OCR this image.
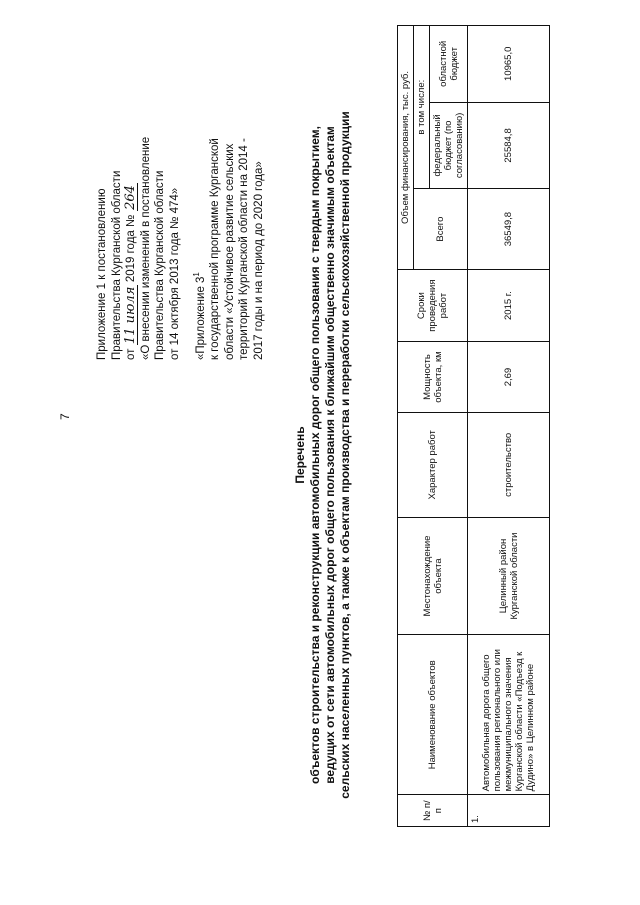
7
Приложение 1 к постановлению Правительства Курганской области от 11 июля 2019 года № 264 «О внесении изменений в постановление Правительства Курганской области от 14 октября 2013 года № 474»	«Приложение $3^1$ к государственной программе Курганской области «Устойчивое развитие сельских территорий Курганской области на 2014 - 2017 годы и на период до 2020 года»
Перечень объектов строительства и реконструкции автомобильных дорог общего пользования с твердым покрытием, ведущих от сети автомобильных дорог общего пользования к ближайшим общественно значимым объектам сельских населенных пунктов, а также к объектам производства и переработки сельскохозяйственной продукции
№ п/п	Наименование объектов	Местонахождение объекта	Характер работ	Мощность объекта, км	Сроки проведения работ	Объем финансирования, тыс. руб.		
						Всего	в том числе:	
							федеральный бюджет (по согласованию)	областной бюджет
1.	Автомобильная дорога общего пользования регионального или межмуниципального значения Курганской области «Подъезд к Дудино» в Целинном районе	Целинный район Курганской области	строительство	2,69	2015 г.	36549,8	25584,8	10965,0
